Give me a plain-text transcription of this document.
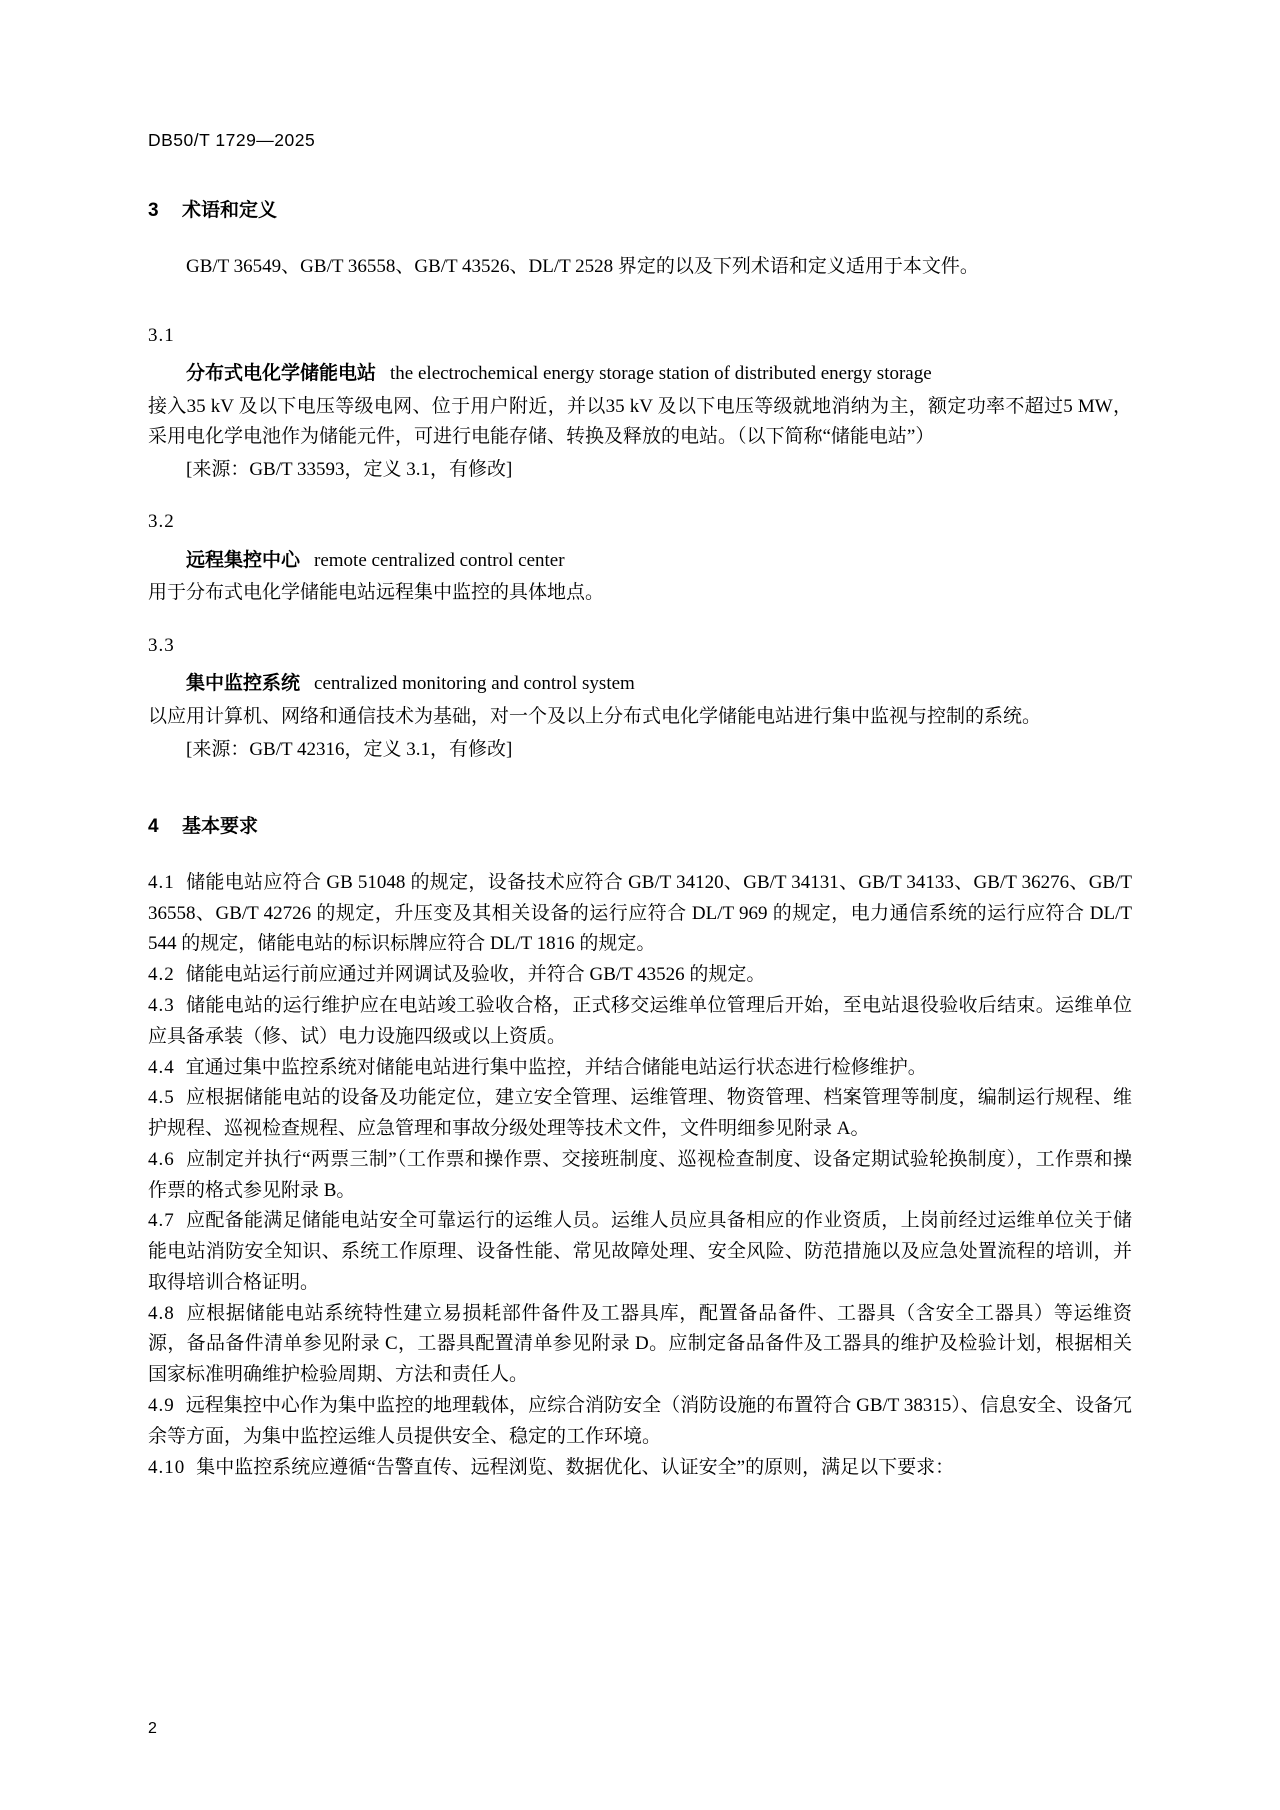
DB50/T 1729—2025
3 术语和定义

GB/T 36549、GB/T 36558、GB/T 43526、DL/T 2528 界定的以及下列术语和定义适用于本文件。

3.1

分布式电化学储能电站 the electrochemical energy storage station of distributed energy storage

接入35 kV 及以下电压等级电网、位于用户附近，并以35 kV 及以下电压等级就地消纳为主，额定功率不超过5 MW，采用电化学电池作为储能元件，可进行电能存储、转换及释放的电站。（以下简称“储能电站”）

[来源：GB/T 33593，定义 3.1，有修改]

3.2

远程集控中心 remote centralized control center

用于分布式电化学储能电站远程集中监控的具体地点。

3.3

集中监控系统 centralized monitoring and control system

以应用计算机、网络和通信技术为基础，对一个及以上分布式电化学储能电站进行集中监视与控制的系统。

[来源：GB/T 42316，定义 3.1，有修改]

4 基本要求

4.1 储能电站应符合 GB 51048 的规定，设备技术应符合 GB/T 34120、GB/T 34131、GB/T 34133、GB/T 36276、GB/T 36558、GB/T 42726 的规定，升压变及其相关设备的运行应符合 DL/T 969 的规定，电力通信系统的运行应符合 DL/T 544 的规定，储能电站的标识标牌应符合 DL/T 1816 的规定。

4.2 储能电站运行前应通过并网调试及验收，并符合 GB/T 43526 的规定。

4.3 储能电站的运行维护应在电站竣工验收合格，正式移交运维单位管理后开始，至电站退役验收后结束。运维单位应具备承装（修、试）电力设施四级或以上资质。

4.4 宜通过集中监控系统对储能电站进行集中监控，并结合储能电站运行状态进行检修维护。

4.5 应根据储能电站的设备及功能定位，建立安全管理、运维管理、物资管理、档案管理等制度，编制运行规程、维护规程、巡视检查规程、应急管理和事故分级处理等技术文件，文件明细参见附录 A。

4.6 应制定并执行“两票三制”（工作票和操作票、交接班制度、巡视检查制度、设备定期试验轮换制度），工作票和操作票的格式参见附录 B。

4.7 应配备能满足储能电站安全可靠运行的运维人员。运维人员应具备相应的作业资质，上岗前经过运维单位关于储能电站消防安全知识、系统工作原理、设备性能、常见故障处理、安全风险、防范措施以及应急处置流程的培训，并取得培训合格证明。

4.8 应根据储能电站系统特性建立易损耗部件备件及工器具库，配置备品备件、工器具（含安全工器具）等运维资源，备品备件清单参见附录 C，工器具配置清单参见附录 D。应制定备品备件及工器具的维护及检验计划，根据相关国家标准明确维护检验周期、方法和责任人。

4.9 远程集控中心作为集中监控的地理载体，应综合消防安全（消防设施的布置符合 GB/T 38315）、信息安全、设备冗余等方面，为集中监控运维人员提供安全、稳定的工作环境。

4.10 集中监控系统应遵循“告警直传、远程浏览、数据优化、认证安全”的原则，满足以下要求：

2
